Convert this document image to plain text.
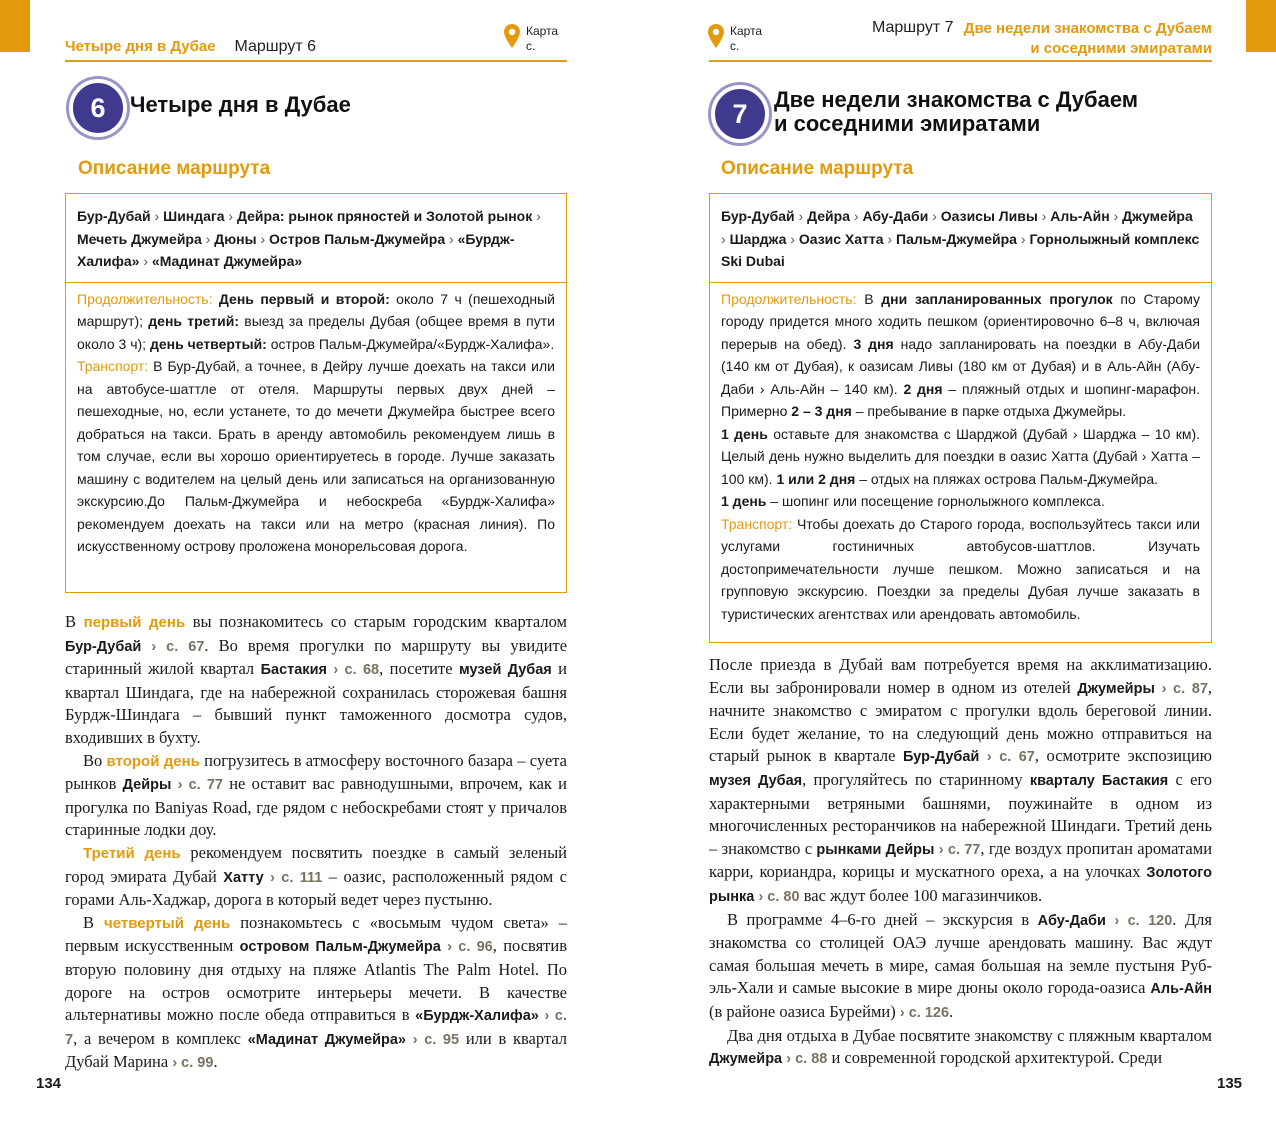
Четыре дня в Дубае Маршрут 6
Карта
с.
6	Четыре дня в Дубае
Описание маршрута
Бур-Дубай › Шиндага › Дейра: рынок пряностей и Золотой рынок › Мечеть Джумейра › Дюны › Остров Пальм-Джумейра › «Бурдж-Халифа» › «Мадинат Джумейра»
Продолжительность: День первый и второй: около 7 ч (пешеходный маршрут); день третий: выезд за пределы Дубая (общее время в пути около 3 ч); день четвертый: остров Пальм-Джумейра/«Бурдж-Халифа».
Транспорт: В Бур-Дубай, а точнее, в Дейру лучше доехать на такси или на автобусе-шаттле от отеля. Маршруты первых двух дней – пешеходные, но, если устанете, то до мечети Джумейра быстрее всего добраться на такси. Брать в аренду автомобиль рекомендуем лишь в том случае, если вы хорошо ориентируетесь в городе. Лучше заказать машину с водителем на целый день или записаться на организованную экскурсию.До Пальм-Джумейра и небоскреба «Бурдж-Халифа» рекомендуем доехать на такси или на метро (красная линия). По искусственному острову проложена монорельсовая дорога.

В первый день вы познакомитесь со старым городским кварталом Бур-Дубай › с. 67. Во время прогулки по маршруту вы увидите старинный жилой квартал Бастакия › с. 68, посетите музей Дубая и квартал Шиндага, где на набережной сохранилась сторожевая башня Бурдж-Шиндага – бывший пункт таможенного досмотра судов, входивших в бухту.

Во второй день погрузитесь в атмосферу восточного базара – суета рынков Дейры › с. 77 не оставит вас равнодушными, впрочем, как и прогулка по Baniyas Road, где рядом с небоскребами стоят у причалов старинные лодки доу.

Третий день рекомендуем посвятить поездке в самый зеленый город эмирата Дубай Хатту › с. 111 – оазис, расположенный рядом с горами Аль-Хаджар, дорога в который ведет через пустыню.

В четвертый день познакомьтесь с «восьмым чудом света» – первым искусственным островом Пальм-Джумейра › с. 96, посвятив вторую половину дня отдыху на пляже Atlantis The Palm Hotel. По дороге на остров осмотрите интерьеры мечети. В качестве альтернативы можно после обеда отправиться в «Бурдж-Халифа» › с. 7, а вечером в комплекс «Мадинат Джумейра» › с. 95 или в квартал Дубай Марина › с. 99.

134
Карта
с.
Маршрут 7 Две недели знакомства с Дубаем
и соседними эмиратами
7	Две недели знакомства с Дубаем
и соседними эмиратами
Описание маршрута
Бур-Дубай › Дейра › Абу-Даби › Оазисы Ливы › Аль-Айн › Джумейра › Шарджа › Оазис Хатта › Пальм-Джумейра › Горнолыжный комплекс Ski Dubai
Продолжительность: В дни запланированных прогулок по Старому городу придется много ходить пешком (ориентировочно 6–8 ч, включая перерыв на обед). 3 дня надо запланировать на поездки в Абу-Даби (140 км от Дубая), к оазисам Ливы (180 км от Дубая) и в Аль-Айн (Абу-Даби › Аль-Айн – 140 км). 2 дня – пляжный отдых и шопинг-марафон. Примерно 2 – 3 дня – пребывание в парке отдыха Джумейры.
1 день оставьте для знакомства с Шарджой (Дубай › Шарджа – 10 км). Целый день нужно выделить для поездки в оазис Хатта (Дубай › Хатта – 100 км). 1 или 2 дня – отдых на пляжах острова Пальм-Джумейра.
1 день – шопинг или посещение горнолыжного комплекса.
Транспорт: Чтобы доехать до Старого города, воспользуйтесь такси или услугами гостиничных автобусов-шаттлов. Изучать достопримечательности лучше пешком. Можно записаться и на групповую экскурсию. Поездки за пределы Дубая лучше заказать в туристических агентствах или арендовать автомобиль.

После приезда в Дубай вам потребуется время на акклиматизацию. Если вы забронировали номер в одном из отелей Джумейры › с. 87, начните знакомство с эмиратом с прогулки вдоль береговой линии. Если будет желание, то на следующий день можно отправиться на старый рынок в квартале Бур-Дубай › с. 67, осмотрите экспозицию музея Дубая, прогуляйтесь по старинному кварталу Бастакия с его характерными ветряными башнями, поужинайте в одном из многочисленных ресторанчиков на набережной Шиндаги. Третий день – знакомство с рынками Дейры › с. 77, где воздух пропитан ароматами карри, кориандра, корицы и мускатного ореха, а на улочках Золотого рынка › с. 80 вас ждут более 100 магазинчиков.

В программе 4–6-го дней – экскурсия в Абу-Даби › с. 120. Для знакомства со столицей ОАЭ лучше арендовать машину. Вас ждут самая большая мечеть в мире, самая большая на земле пустыня Руб-эль-Хали и самые высокие в мире дюны около города-оазиса Аль-Айн (в районе оазиса Бурейми) › с. 126.

Два дня отдыха в Дубае посвятите знакомству с пляжным кварталом Джумейра › с. 88 и современной городской архитектурой. Среди

135
